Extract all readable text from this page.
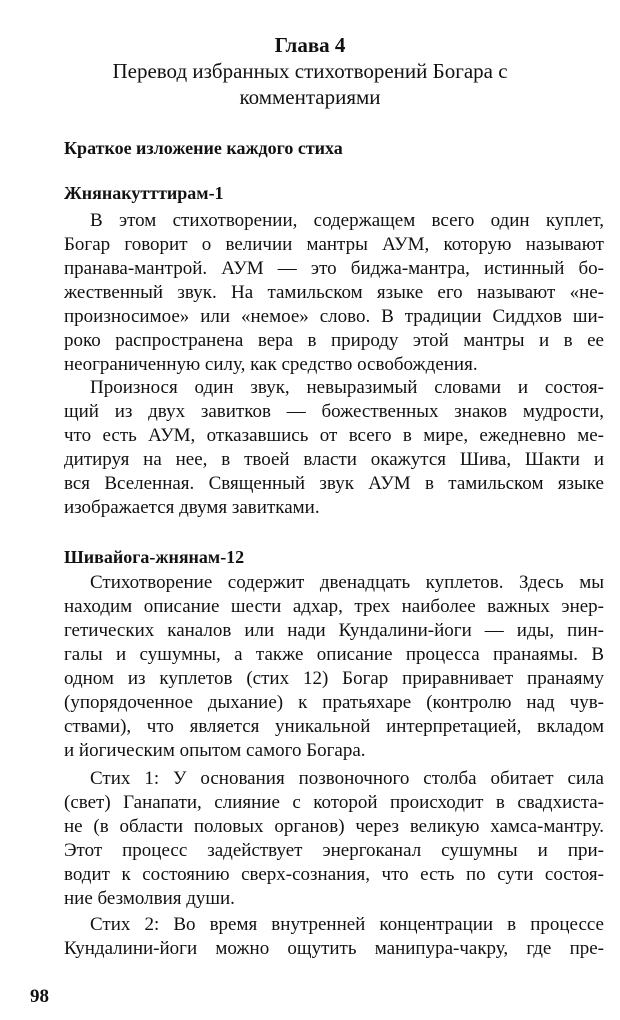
Глава 4
Перевод избранных стихотворений Богара с
комментариями
Краткое изложение каждого стиха
Жнянакутттирам-1
В этом стихотворении, содержащем всего один куплет,
Богар говорит о величии мантры АУМ, которую называют
пранава-мантрой. АУМ — это биджа-мантра, истинный бо-
жественный звук. На тамильском языке его называют «не-
произносимое» или «немое» слово. В традиции Сиддхов ши-
роко распространена вера в природу этой мантры и в ее
неограниченную силу, как средство освобождения.
Произнося один звук, невыразимый словами и состоя-
щий из двух завитков — божественных знаков мудрости,
что есть АУМ, отказавшись от всего в мире, ежедневно ме-
дитируя на нее, в твоей власти окажутся Шива, Шакти и
вся Вселенная. Священный звук АУМ в тамильском языке
изображается двумя завитками.
Шивайога-жнянам-12
Стихотворение содержит двенадцать куплетов. Здесь мы
находим описание шести адхар, трех наиболее важных энер-
гетических каналов или нади Кундалини-йоги — иды, пин-
галы и сушумны, а также описание процесса пранаямы. В
одном из куплетов (стих 12) Богар приравнивает пранаяму
(упорядоченное дыхание) к пратьяхаре (контролю над чув-
ствами), что является уникальной интерпретацией, вкладом
и йогическим опытом самого Богара.
Стих 1: У основания позвоночного столба обитает сила
(свет) Ганапати, слияние с которой происходит в свадхиста-
не (в области половых органов) через великую хамса-мантру.
Этот процесс задействует энергоканал сушумны и при-
водит к состоянию сверх-сознания, что есть по сути состоя-
ние безмолвия души.
Стих 2: Во время внутренней концентрации в процессе
Кундалини-йоги можно ощутить манипура-чакру, где пре-
98
